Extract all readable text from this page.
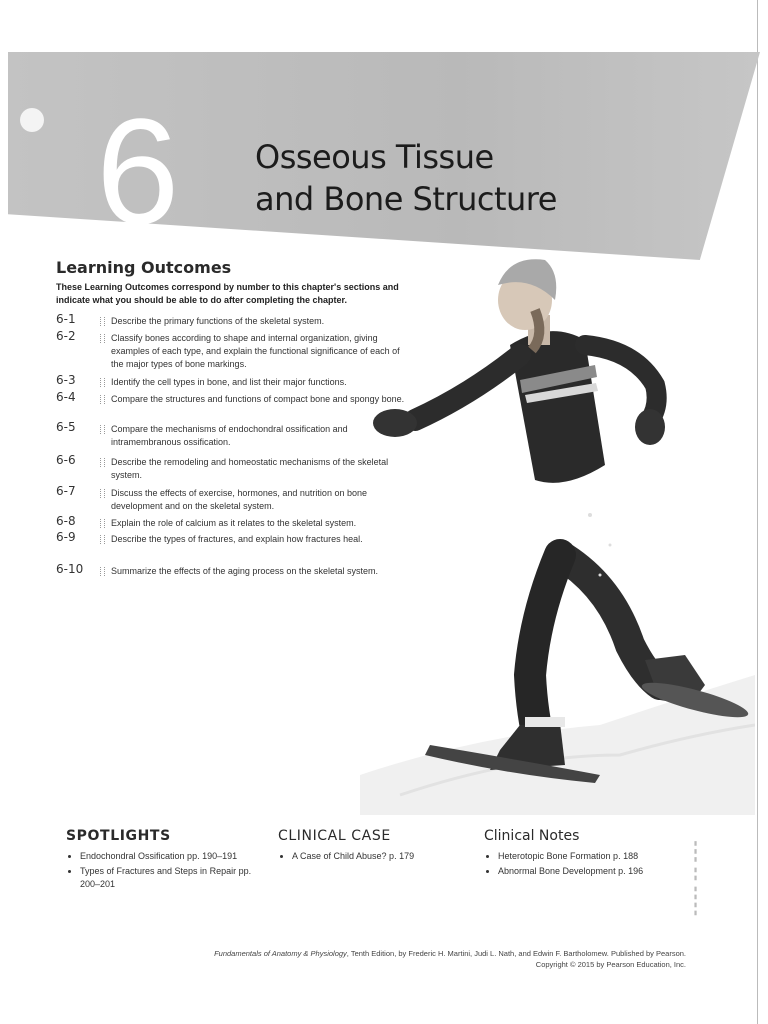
6 Osseous Tissue
and Bone Structure
Learning Outcomes
These Learning Outcomes correspond by number to this chapter's sections and indicate what you should be able to do after completing the chapter.
6-1	Describe the primary functions of the skeletal system.
6-2	Classify bones according to shape and internal organization, giving examples of each type, and explain the functional significance of each of the major types of bone markings.
6-3	Identify the cell types in bone, and list their major functions.
6-4	Compare the structures and functions of compact bone and spongy bone.
6-5	Compare the mechanisms of endochondral ossification and intramembranous ossification.
6-6	Describe the remodeling and homeostatic mechanisms of the skeletal system.
6-7	Discuss the effects of exercise, hormones, and nutrition on bone development and on the skeletal system.
6-8	Explain the role of calcium as it relates to the skeletal system.
6-9	Describe the types of fractures, and explain how fractures heal.
6-10	Summarize the effects of the aging process on the skeletal system.
SPOTLIGHTS
• Endochondral Ossification pp. 190–191
• Types of Fractures and Steps in Repair pp. 200–201
CLINICAL CASE
• A Case of Child Abuse? p. 179
Clinical Notes
• Heterotopic Bone Formation p. 188
• Abnormal Bone Development p. 196	▮▮▮ ▮▮ ▮▮▮▮
Fundamentals of Anatomy & Physiology, Tenth Edition, by Frederic H. Martini, Judi L. Nath, and Edwin F. Bartholomew. Published by Pearson.
Copyright © 2015 by Pearson Education, Inc.
